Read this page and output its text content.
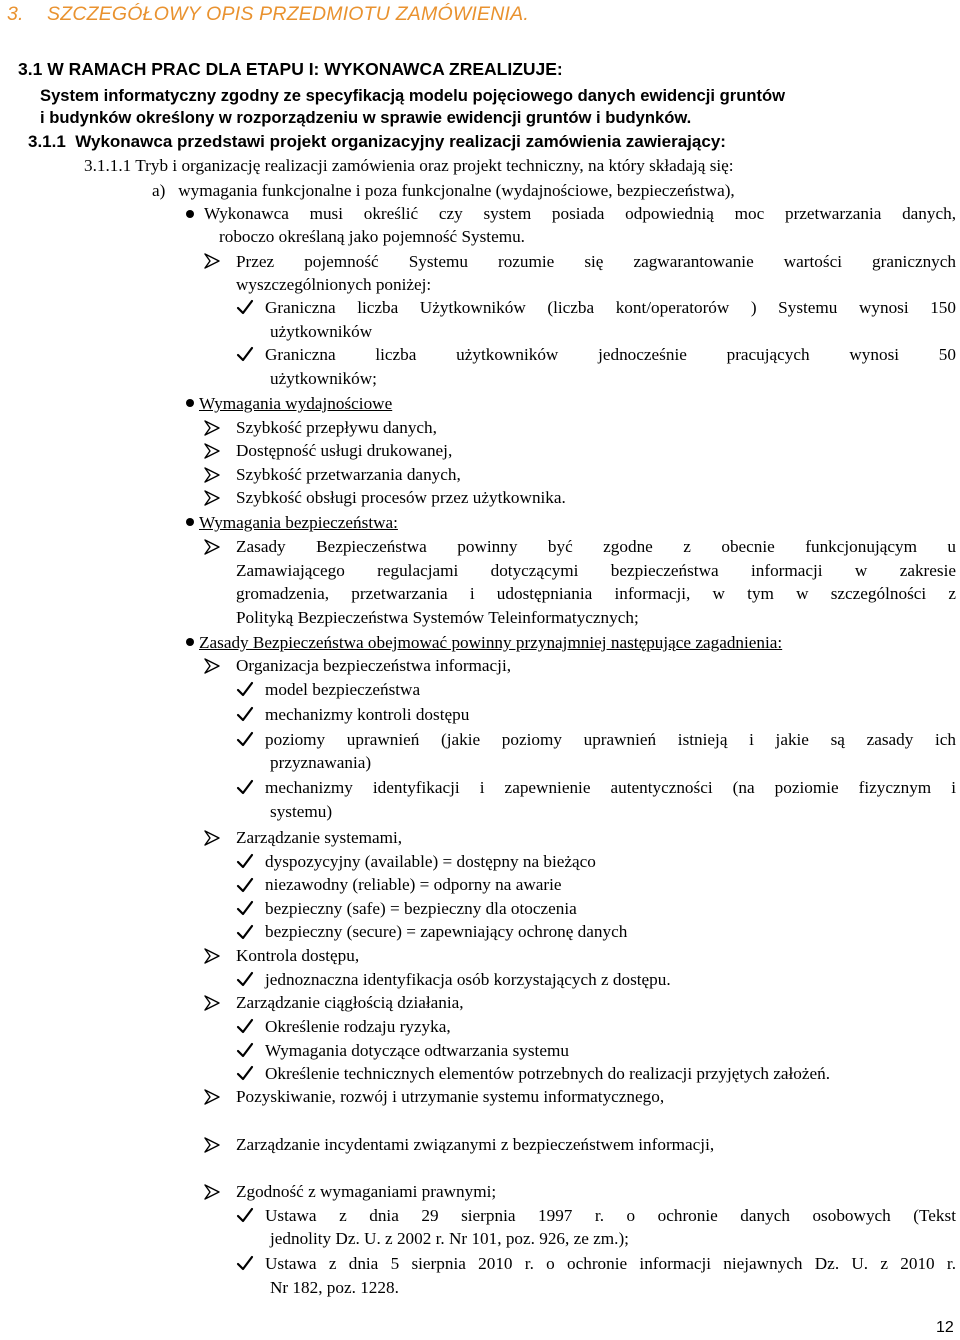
3. SZCZEGÓŁOWY OPIS PRZEDMIOTU ZAMÓWIENIA.
3.1 W RAMACH PRAC DLA ETAPU I: WYKONAWCA ZREALIZUJE:
System informatyczny zgodny ze specyfikacją modelu pojęciowego danych ewidencji gruntów
i budynków określony w rozporządzeniu w sprawie ewidencji gruntów i budynków.
3.1.1 Wykonawca przedstawi projekt organizacyjny realizacji zamówienia zawierający:
3.1.1.1 Tryb i organizację realizacji zamówienia oraz projekt techniczny, na który składają się:
a) wymagania funkcjonalne i poza funkcjonalne (wydajnościowe, bezpieczeństwa),
Wykonawca musi określić czy system posiada odpowiednią moc przetwarzania danych,
roboczo określaną jako pojemność Systemu.
Przez pojemność Systemu rozumie się zagwarantowanie wartości granicznych
wyszczególnionych poniżej:
Graniczna liczba Użytkowników (liczba kont/operatorów ) Systemu wynosi 150
użytkowników
Graniczna liczba użytkowników jednocześnie pracujących wynosi 50
użytkowników;
Wymagania wydajnościowe
Szybkość przepływu danych,
Dostępność usługi drukowanej,
Szybkość przetwarzania danych,
Szybkość obsługi procesów przez użytkownika.
Wymagania bezpieczeństwa:
Zasady Bezpieczeństwa powinny być zgodne z obecnie funkcjonującym u
Zamawiającego regulacjami dotyczącymi bezpieczeństwa informacji w zakresie
gromadzenia, przetwarzania i udostępniania informacji, w tym w szczególności z
Polityką Bezpieczeństwa Systemów Teleinformatycznych;
Zasady Bezpieczeństwa obejmować powinny przynajmniej następujące zagadnienia:
Organizacja bezpieczeństwa informacji,
model bezpieczeństwa
mechanizmy kontroli dostępu
poziomy uprawnień (jakie poziomy uprawnień istnieją i jakie są zasady ich
przyznawania)
mechanizmy identyfikacji i zapewnienie autentyczności (na poziomie fizycznym i
systemu)
Zarządzanie systemami,
dyspozycyjny (available) = dostępny na bieżąco
niezawodny (reliable) = odporny na awarie
bezpieczny (safe) = bezpieczny dla otoczenia
bezpieczny (secure) = zapewniający ochronę danych
Kontrola dostępu,
jednoznaczna identyfikacja osób korzystających z dostępu.
Zarządzanie ciągłością działania,
Określenie rodzaju ryzyka,
Wymagania dotyczące odtwarzania systemu
Określenie technicznych elementów potrzebnych do realizacji przyjętych założeń.
Pozyskiwanie, rozwój i utrzymanie systemu informatycznego,
Zarządzanie incydentami związanymi z bezpieczeństwem informacji,
Zgodność z wymaganiami prawnymi;
Ustawa z dnia 29 sierpnia 1997 r. o ochronie danych osobowych (Tekst
jednolity Dz. U. z 2002 r. Nr 101, poz. 926, ze zm.);
Ustawa z dnia 5 sierpnia 2010 r. o ochronie informacji niejawnych Dz. U. z 2010 r.
Nr 182, poz. 1228.
12
